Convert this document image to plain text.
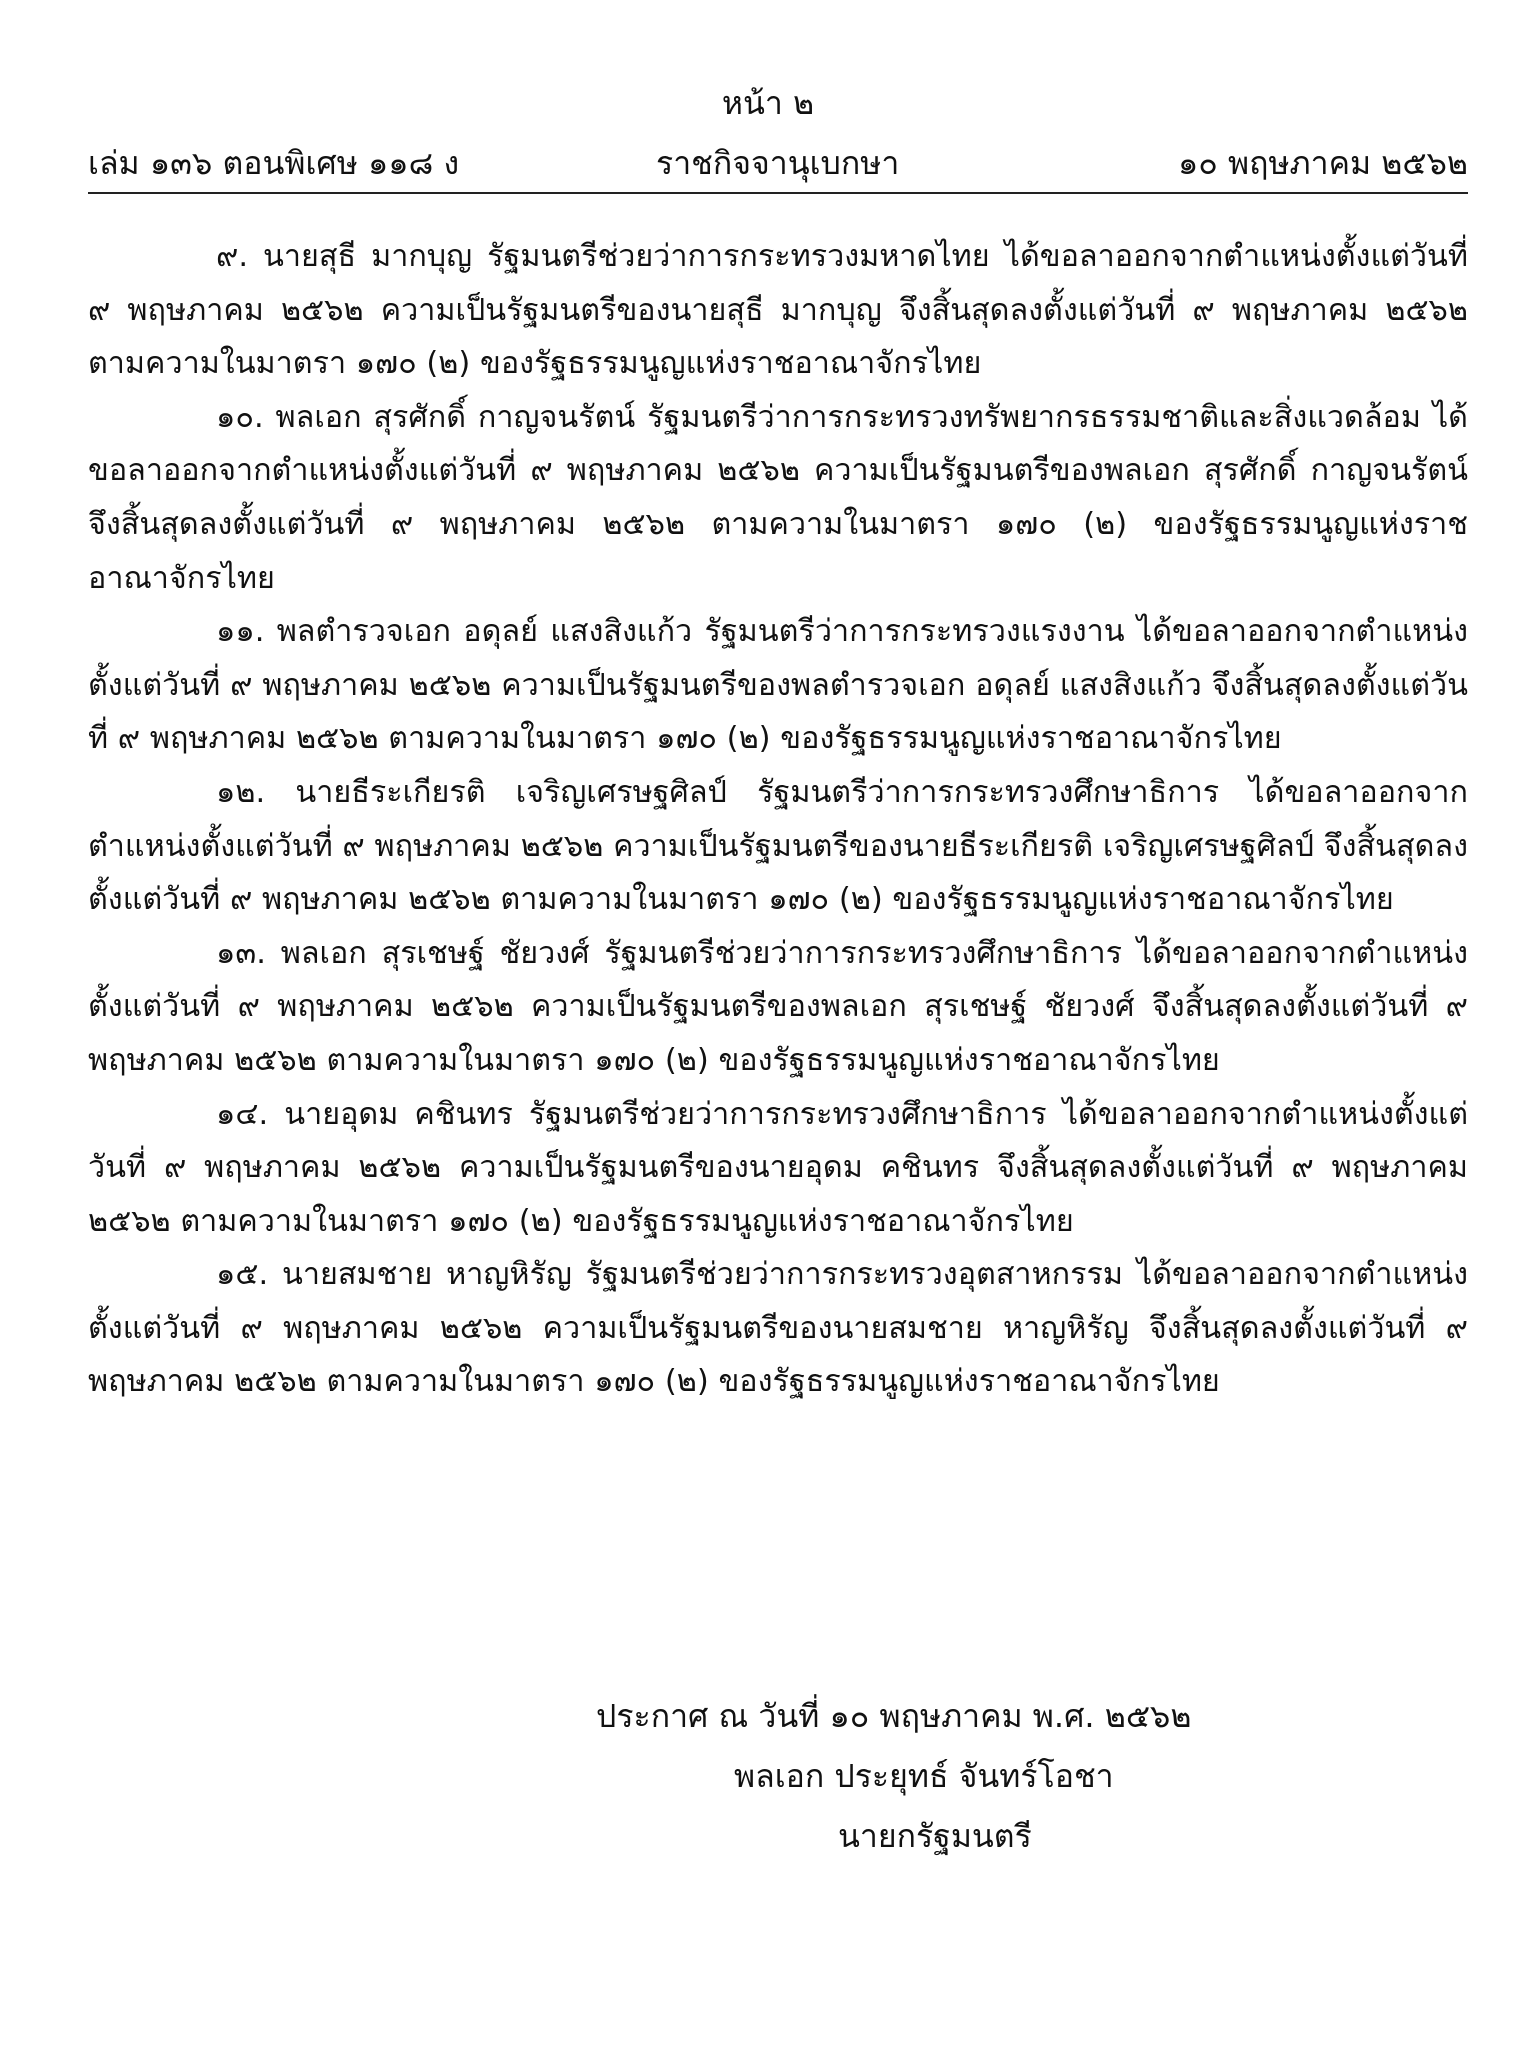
หน้า ๒
เล่ม ๑๓๖ ตอนพิเศษ ๑๑๘ ง	ราชกิจจานุเบกษา	๑๐ พฤษภาคม ๒๕๖๒

๙. นายสุธี มากบุญ รัฐมนตรีช่วยว่าการกระทรวงมหาดไทย ได้ขอลาออกจากตำแหน่งตั้งแต่วันที่ ๙ พฤษภาคม ๒๕๖๒ ความเป็นรัฐมนตรีของนายสุธี มากบุญ จึงสิ้นสุดลงตั้งแต่วันที่ ๙ พฤษภาคม ๒๕๖๒ ตามความในมาตรา ๑๗๐ (๒) ของรัฐธรรมนูญแห่งราชอาณาจักรไทย

๑๐. พลเอก สุรศักดิ์ กาญจนรัตน์ รัฐมนตรีว่าการกระทรวงทรัพยากรธรรมชาติและสิ่งแวดล้อม ได้ขอลาออกจากตำแหน่งตั้งแต่วันที่ ๙ พฤษภาคม ๒๕๖๒ ความเป็นรัฐมนตรีของพลเอก สุรศักดิ์ กาญจนรัตน์ จึงสิ้นสุดลงตั้งแต่วันที่ ๙ พฤษภาคม ๒๕๖๒ ตามความในมาตรา ๑๗๐ (๒) ของรัฐธรรมนูญแห่งราชอาณาจักรไทย

๑๑. พลตำรวจเอก อดุลย์ แสงสิงแก้ว รัฐมนตรีว่าการกระทรวงแรงงาน ได้ขอลาออกจากตำแหน่งตั้งแต่วันที่ ๙ พฤษภาคม ๒๕๖๒ ความเป็นรัฐมนตรีของพลตำรวจเอก อดุลย์ แสงสิงแก้ว จึงสิ้นสุดลงตั้งแต่วันที่ ๙ พฤษภาคม ๒๕๖๒ ตามความในมาตรา ๑๗๐ (๒) ของรัฐธรรมนูญแห่งราชอาณาจักรไทย

๑๒. นายธีระเกียรติ เจริญเศรษฐศิลป์ รัฐมนตรีว่าการกระทรวงศึกษาธิการ ได้ขอลาออกจากตำแหน่งตั้งแต่วันที่ ๙ พฤษภาคม ๒๕๖๒ ความเป็นรัฐมนตรีของนายธีระเกียรติ เจริญเศรษฐศิลป์ จึงสิ้นสุดลงตั้งแต่วันที่ ๙ พฤษภาคม ๒๕๖๒ ตามความในมาตรา ๑๗๐ (๒) ของรัฐธรรมนูญแห่งราชอาณาจักรไทย

๑๓. พลเอก สุรเชษฐ์ ชัยวงศ์ รัฐมนตรีช่วยว่าการกระทรวงศึกษาธิการ ได้ขอลาออกจากตำแหน่งตั้งแต่วันที่ ๙ พฤษภาคม ๒๕๖๒ ความเป็นรัฐมนตรีของพลเอก สุรเชษฐ์ ชัยวงศ์ จึงสิ้นสุดลงตั้งแต่วันที่ ๙ พฤษภาคม ๒๕๖๒ ตามความในมาตรา ๑๗๐ (๒) ของรัฐธรรมนูญแห่งราชอาณาจักรไทย

๑๔. นายอุดม คชินทร รัฐมนตรีช่วยว่าการกระทรวงศึกษาธิการ ได้ขอลาออกจากตำแหน่งตั้งแต่วันที่ ๙ พฤษภาคม ๒๕๖๒ ความเป็นรัฐมนตรีของนายอุดม คชินทร จึงสิ้นสุดลงตั้งแต่วันที่ ๙ พฤษภาคม ๒๕๖๒ ตามความในมาตรา ๑๗๐ (๒) ของรัฐธรรมนูญแห่งราชอาณาจักรไทย

๑๕. นายสมชาย หาญหิรัญ รัฐมนตรีช่วยว่าการกระทรวงอุตสาหกรรม ได้ขอลาออกจากตำแหน่งตั้งแต่วันที่ ๙ พฤษภาคม ๒๕๖๒ ความเป็นรัฐมนตรีของนายสมชาย หาญหิรัญ จึงสิ้นสุดลงตั้งแต่วันที่ ๙ พฤษภาคม ๒๕๖๒ ตามความในมาตรา ๑๗๐ (๒) ของรัฐธรรมนูญแห่งราชอาณาจักรไทย

ประกาศ ณ วันที่ ๑๐ พฤษภาคม พ.ศ. ๒๕๖๒
พลเอก ประยุทธ์ จันทร์โอชา
นายกรัฐมนตรี
